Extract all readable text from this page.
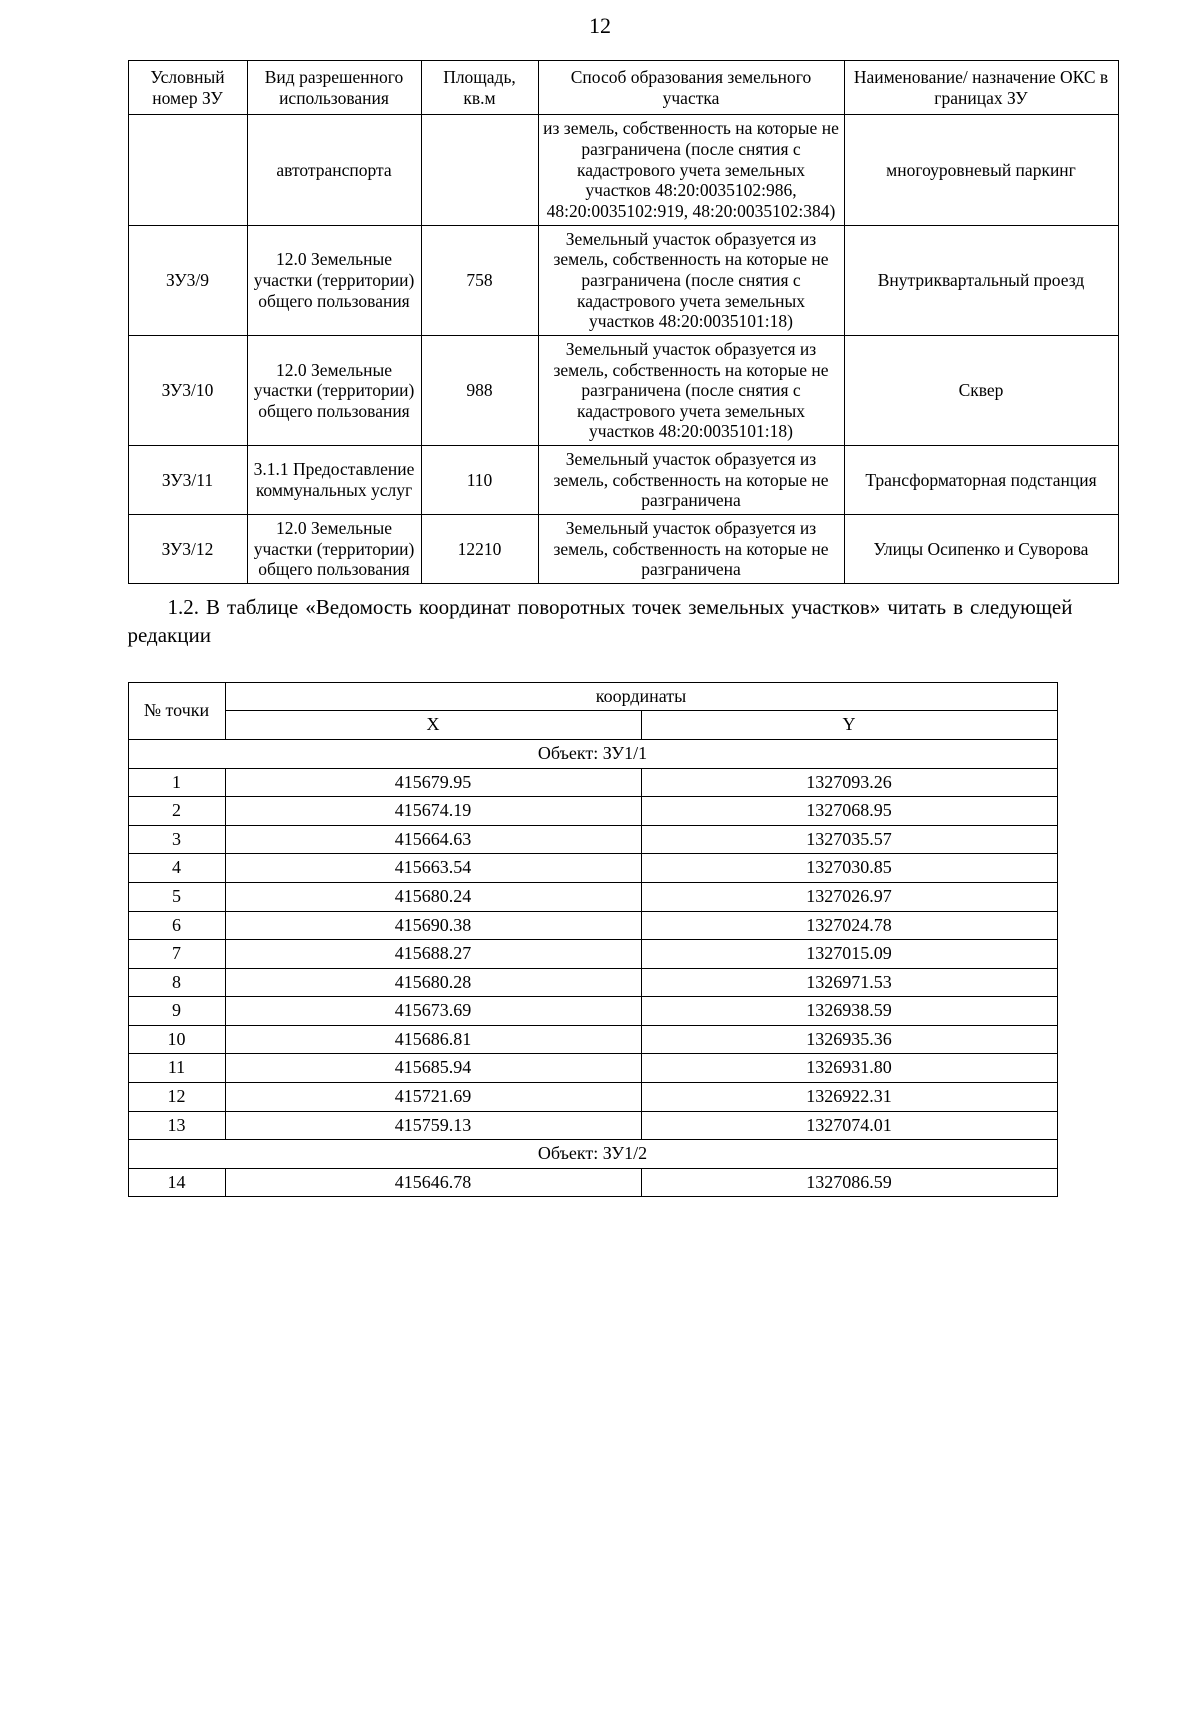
12
Условный номер ЗУ	Вид разрешенного использования	Площадь, кв.м	Способ образования земельного участка	Наименование/ назначение ОКС в границах ЗУ
	автотранспорта		из земель, собственность на которые не разграничена (после снятия с кадастрового учета земельных участков 48:20:0035102:986, 48:20:0035102:919, 48:20:0035102:384)	многоуровневый паркинг
ЗУ3/9	12.0 Земельные участки (территории) общего пользования	758	Земельный участок образуется из земель, собственность на которые не разграничена (после снятия с кадастрового учета земельных участков 48:20:0035101:18)	Внутриквартальный проезд
ЗУ3/10	12.0 Земельные участки (территории) общего пользования	988	Земельный участок образуется из земель, собственность на которые не разграничена (после снятия с кадастрового учета земельных участков 48:20:0035101:18)	Сквер
ЗУ3/11	3.1.1 Предоставление коммунальных услуг	110	Земельный участок образуется из земель, собственность на которые не разграничена	Трансформаторная подстанция
ЗУ3/12	12.0 Земельные участки (территории) общего пользования	12210	Земельный участок образуется из земель, собственность на которые не разграничена	Улицы Осипенко и Суворова

1.2. В таблице «Ведомость координат поворотных точек земельных участков» читать в следующей редакции

№ точки	координаты	
	X	Y
Объект: ЗУ1/1		
1	415679.95	1327093.26
2	415674.19	1327068.95
3	415664.63	1327035.57
4	415663.54	1327030.85
5	415680.24	1327026.97
6	415690.38	1327024.78
7	415688.27	1327015.09
8	415680.28	1326971.53
9	415673.69	1326938.59
10	415686.81	1326935.36
11	415685.94	1326931.80
12	415721.69	1326922.31
13	415759.13	1327074.01
Объект: ЗУ1/2		
14	415646.78	1327086.59
